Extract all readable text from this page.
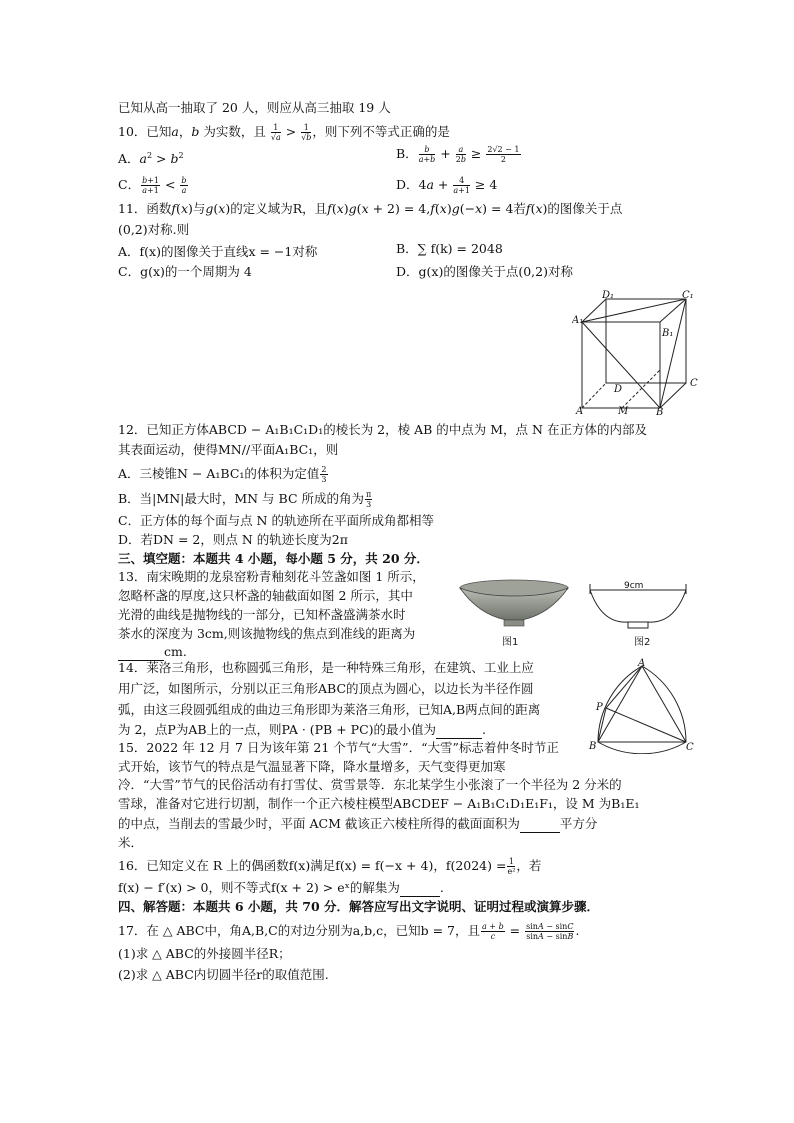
已知从高一抽取了 20 人，则应从高三抽取 19 人
10．已知a，b 为实数，且 $\frac{1}{√a} > \frac{1}{√b}$ ，则下列不等式正确的是
A．$a^2 > b^2$	B． $\frac{b}{a+b} + \frac{a}{2b} \ge \frac{2√2 - 1}{2}$
C． $\frac{b+1}{a+1} < \frac{b}{a}$	D．$4a + \frac{4}{a+1} \ge 4$
11．函数f(x)与g(x)的定义域为R，且f(x)g(x + 2) = 4,f(x)g(−x) = 4若f(x)的图像关于点
(0,2)对称.则
A．f(x)的图像关于直线x = −1对称	B．∑ f(k) = 2048
C．g(x)的一个周期为 4	D．g(x)的图像关于点(0,2)对称
D₁	C₁
A₁
B₁
D
C
A	M	B
12．已知正方体ABCD − A₁B₁C₁D₁的棱长为 2，棱 AB 的中点为 M，点 N 在正方体的内部及
其表面运动，使得MN//平面A₁BC₁，则
A．三棱锥N − A₁BC₁的体积为定值 $\frac{2}{3}$
B．当|MN|最大时，MN 与 BC 所成的角为 $\frac{\pi}{3}$
C．正方体的每个面与点 N 的轨迹所在平面所成角都相等
D．若DN = 2，则点 N 的轨迹长度为2π
三、填空题：本题共 4 小题，每小题 5 分，共 20 分．
13．南宋晚期的龙泉窑粉青釉刻花斗笠盏如图 1 所示，
忽略杯盏的厚度,这只杯盏的轴截面如图 2 所示，其中
光滑的曲线是抛物线的一部分，已知杯盏盛满茶水时
茶水的深度为 3cm,则该抛物线的焦点到准线的距离为
cm.
图1
9cm
图2
14．莱洛三角形，也称圆弧三角形，是一种特殊三角形，在建筑、工业上应
用广泛，如图所示，分别以正三角形ABC的顶点为圆心，以边长为半径作圆
弧，由这三段圆弧组成的曲边三角形即为莱洛三角形，已知A,B两点间的距离
为 2，点P为AB上的一点，则PA · (PB + PC)的最小值为	.
A
P
B	C
15．2022 年 12 月 7 日为该年第 21 个节气“大雪”．“大雪”标志着仲冬时节正
式开始，该节气的特点是气温显著下降，降水量增多，天气变得更加寒
冷．“大雪”节气的民俗活动有打雪仗、赏雪景等．东北某学生小张滚了一个半径为 2 分米的
雪球，准备对它进行切割，制作一个正六棱柱模型ABCDEF − A₁B₁C₁D₁E₁F₁，设 M 为B₁E₁
的中点，当削去的雪最少时，平面 ACM 截该正六棱柱所得的截面面积为	平方分
米．
16．已知定义在 R 上的偶函数f(x)满足f(x) = f(−x + 4)，$f(2024) = \frac{1}{\text{e²}}$ ，若
f(x) − f′(x) > 0，则不等式f(x + 2) > eˣ的解集为	.
四、解答题：本题共 6 小题，共 70 分．解答应写出文字说明、证明过程或演算步骤．
17．在 △ ABC中，角A,B,C的对边分别为a,b,c，已知b = 7，且 $\frac{a + b}{c} = \frac{\sin A - \sin C}{\sin A - \sin B}$ .
(1)求 △ ABC的外接圆半径R；
(2)求 △ ABC内切圆半径r的取值范围.
